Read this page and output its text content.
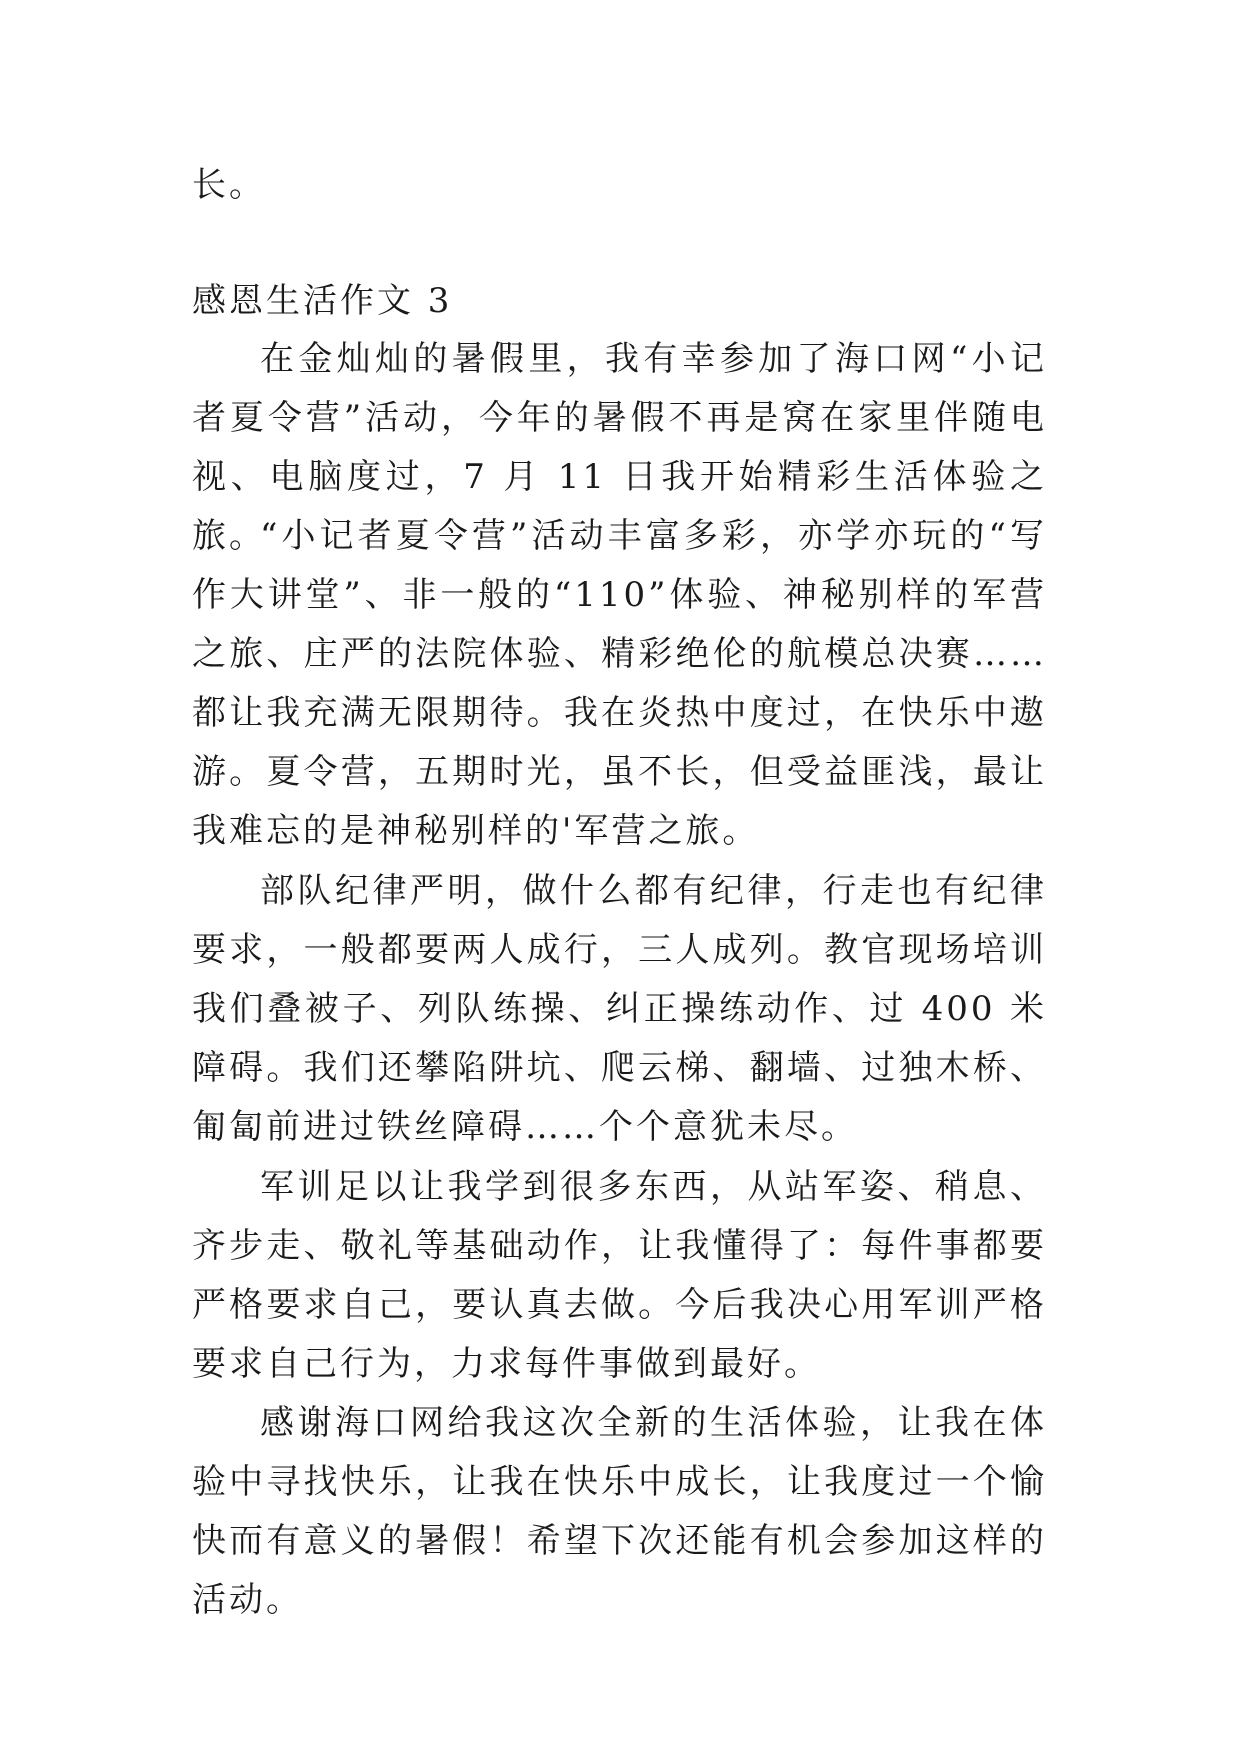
长。

感恩生活作文 3

在金灿灿的暑假里，我有幸参加了海口网“小记者夏令营”活动，今年的暑假不再是窝在家里伴随电视、电脑度过，7 月 11 日我开始精彩生活体验之旅。

“小记者夏令营”活动丰富多彩，亦学亦玩的“写作大讲堂”、非一般的“110”体验、神秘别样的军营之旅、庄严的法院体验、精彩绝伦的航模总决赛……都让我充满无限期待。我在炎热中度过，在快乐中遨游。夏令营，五期时光，虽不长，但受益匪浅，最让我难忘的是神秘别样的'军营之旅。

部队纪律严明，做什么都有纪律，行走也有纪律要求，一般都要两人成行，三人成列。教官现场培训我们叠被子、列队练操、纠正操练动作、过 400 米障碍。我们还攀陷阱坑、爬云梯、翻墙、过独木桥、匍匐前进过铁丝障碍……个个意犹未尽。

军训足以让我学到很多东西，从站军姿、稍息、齐步走、敬礼等基础动作，让我懂得了：每件事都要严格要求自己，要认真去做。今后我决心用军训严格要求自己行为，力求每件事做到最好。

感谢海口网给我这次全新的生活体验，让我在体验中寻找快乐，让我在快乐中成长，让我度过一个愉快而有意义的暑假！希望下次还能有机会参加这样的活动。
